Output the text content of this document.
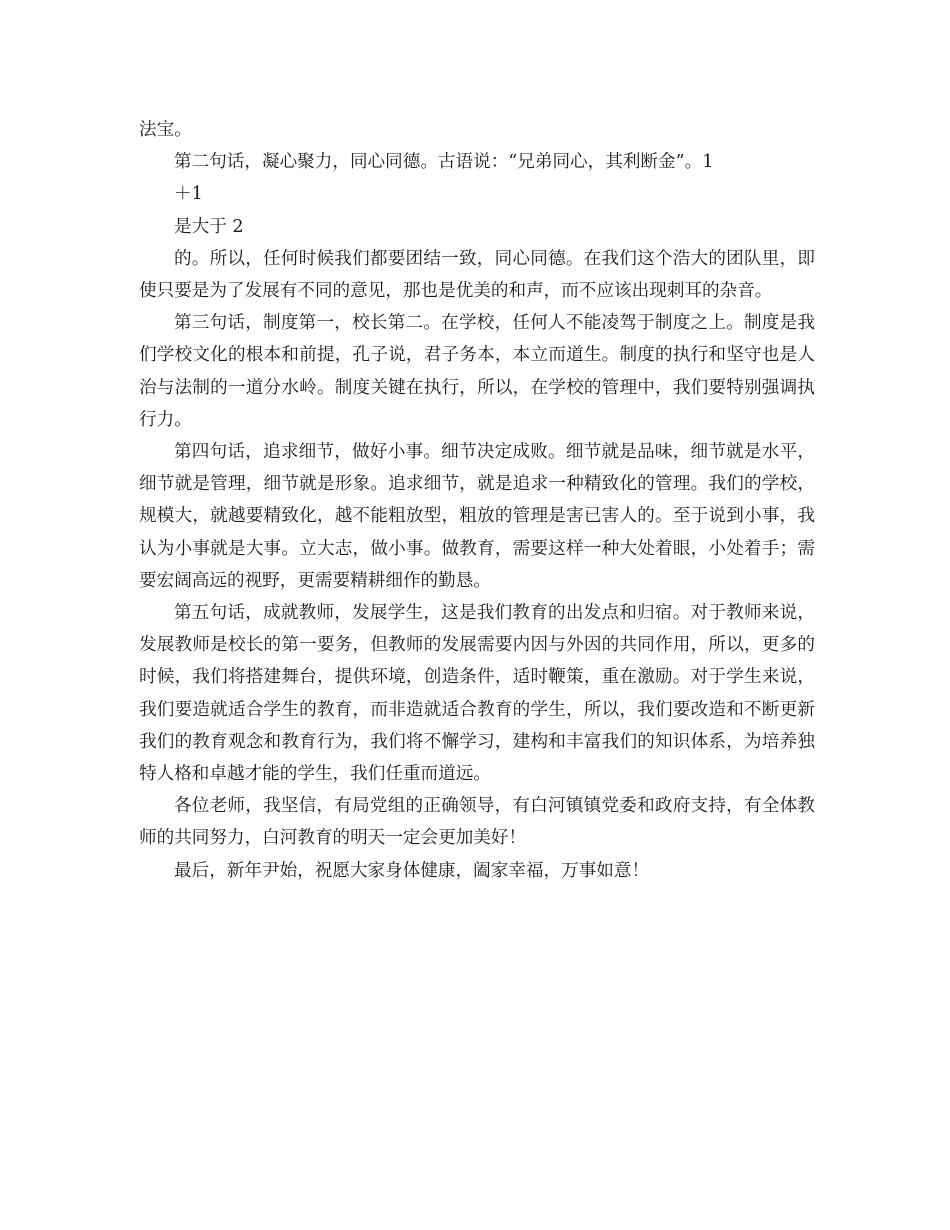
法宝。

第二句话，凝心聚力，同心同德。古语说：“兄弟同心，其利断金”。1

＋1

是大于 2

的。所以，任何时候我们都要团结一致，同心同德。在我们这个浩大的团队里，即使只要是为了发展有不同的意见，那也是优美的和声，而不应该出现刺耳的杂音。

第三句话，制度第一，校长第二。在学校，任何人不能凌驾于制度之上。制度是我们学校文化的根本和前提，孔子说，君子务本，本立而道生。制度的执行和坚守也是人治与法制的一道分水岭。制度关键在执行，所以，在学校的管理中，我们要特别强调执行力。

第四句话，追求细节，做好小事。细节决定成败。细节就是品味，细节就是水平，细节就是管理，细节就是形象。追求细节，就是追求一种精致化的管理。我们的学校，规模大，就越要精致化，越不能粗放型，粗放的管理是害已害人的。至于说到小事，我认为小事就是大事。立大志，做小事。做教育，需要这样一种大处着眼，小处着手；需要宏阔高远的视野，更需要精耕细作的勤恳。

第五句话，成就教师，发展学生，这是我们教育的出发点和归宿。对于教师来说，发展教师是校长的第一要务，但教师的发展需要内因与外因的共同作用，所以，更多的时候，我们将搭建舞台，提供环境，创造条件，适时鞭策，重在激励。对于学生来说，我们要造就适合学生的教育，而非造就适合教育的学生，所以，我们要改造和不断更新我们的教育观念和教育行为，我们将不懈学习，建构和丰富我们的知识体系，为培养独特人格和卓越才能的学生，我们任重而道远。

各位老师，我坚信，有局党组的正确领导，有白河镇镇党委和政府支持，有全体教师的共同努力，白河教育的明天一定会更加美好！

最后，新年尹始，祝愿大家身体健康，阖家幸福，万事如意！
